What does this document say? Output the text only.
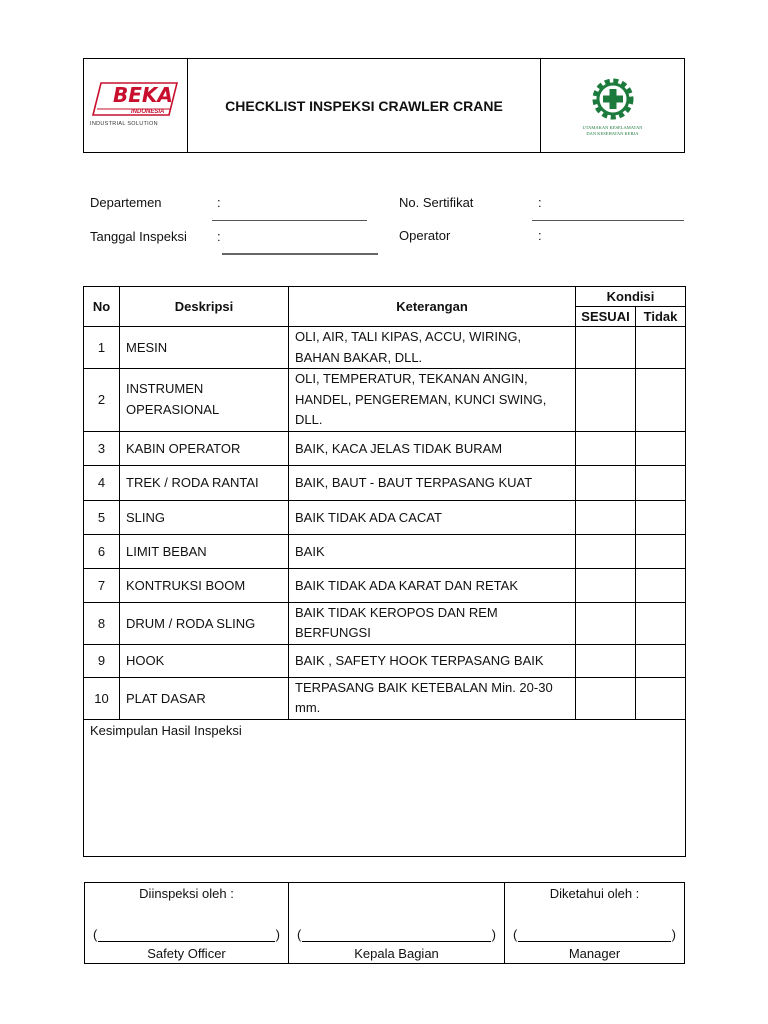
BEKA
INDONESIA
INDUSTRIAL SOLUTION
CHECKLIST INSPEKSI CRAWLER CRANE
UTAMAKAN KESELAMATAN
DAN KESEHATAN KERJA
Departemen	:	No. Sertifikat	:
Tanggal Inspeksi :	Operator	:
No	Deskripsi	Keterangan	Kondisi	
			SESUAI	Tidak
1	MESIN	OLI, AIR, TALI KIPAS, ACCU, WIRING, BAHAN BAKAR, DLL.		
2	INSTRUMEN OPERASIONAL	OLI, TEMPERATUR, TEKANAN ANGIN, HANDEL, PENGEREMAN, KUNCI SWING, DLL.		
3	KABIN OPERATOR	BAIK, KACA JELAS TIDAK BURAM		
4	TREK / RODA RANTAI	BAIK, BAUT - BAUT TERPASANG KUAT		
5	SLING	BAIK TIDAK ADA CACAT		
6	LIMIT BEBAN	BAIK		
7	KONTRUKSI BOOM	BAIK TIDAK ADA KARAT DAN RETAK		
8	DRUM / RODA SLING	BAIK TIDAK KEROPOS DAN REM BERFUNGSI		
9	HOOK	BAIK , SAFETY HOOK TERPASANG BAIK		
10	PLAT DASAR	TERPASANG BAIK KETEBALAN Min. 20-30 mm.		
Kesimpulan Hasil Inspeksi				
Diinspeksi oleh :
(	)
Safety Officer

(	)
Kepala Bagian

Diketahui oleh :
(	)
Manager
